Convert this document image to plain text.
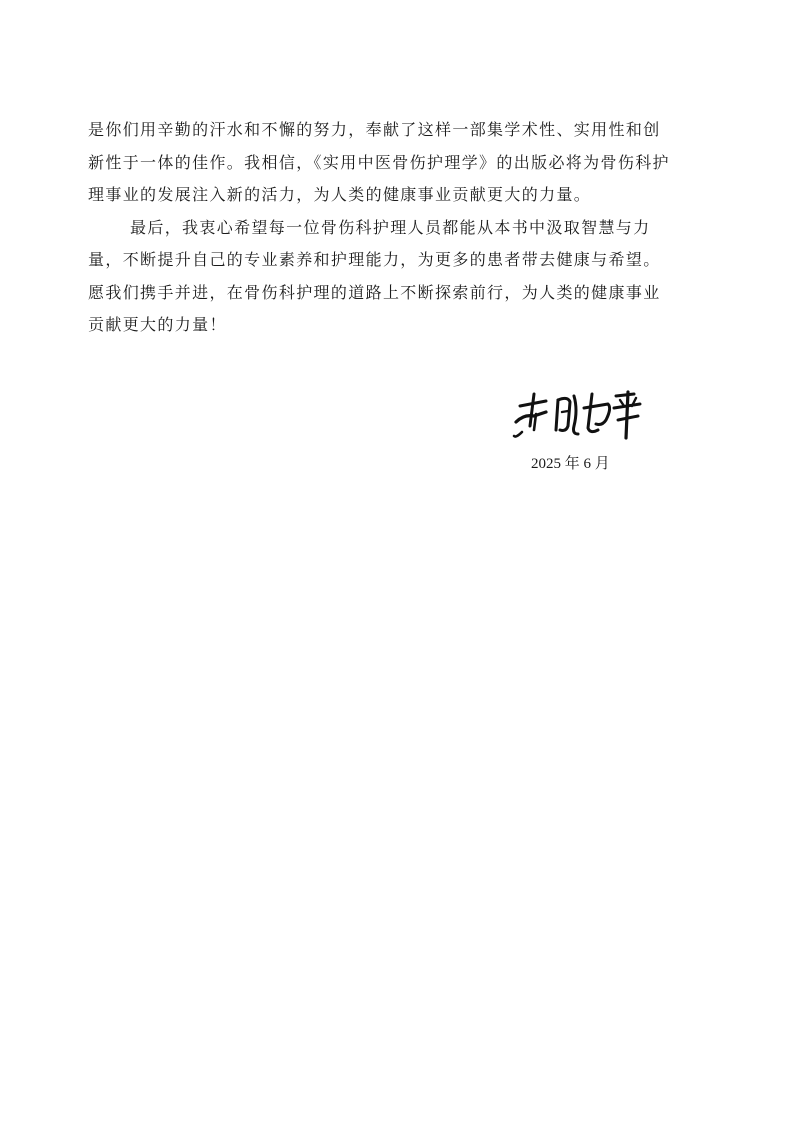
是你们用辛勤的汗水和不懈的努力，奉献了这样一部集学术性、实用性和创
新性于一体的佳作。我相信，《实用中医骨伤护理学》的出版必将为骨伤科护
理事业的发展注入新的活力，为人类的健康事业贡献更大的力量。
最后，我衷心希望每一位骨伤科护理人员都能从本书中汲取智慧与力
量，不断提升自己的专业素养和护理能力，为更多的患者带去健康与希望。
愿我们携手并进，在骨伤科护理的道路上不断探索前行，为人类的健康事业
贡献更大的力量！
2025 年 6 月
